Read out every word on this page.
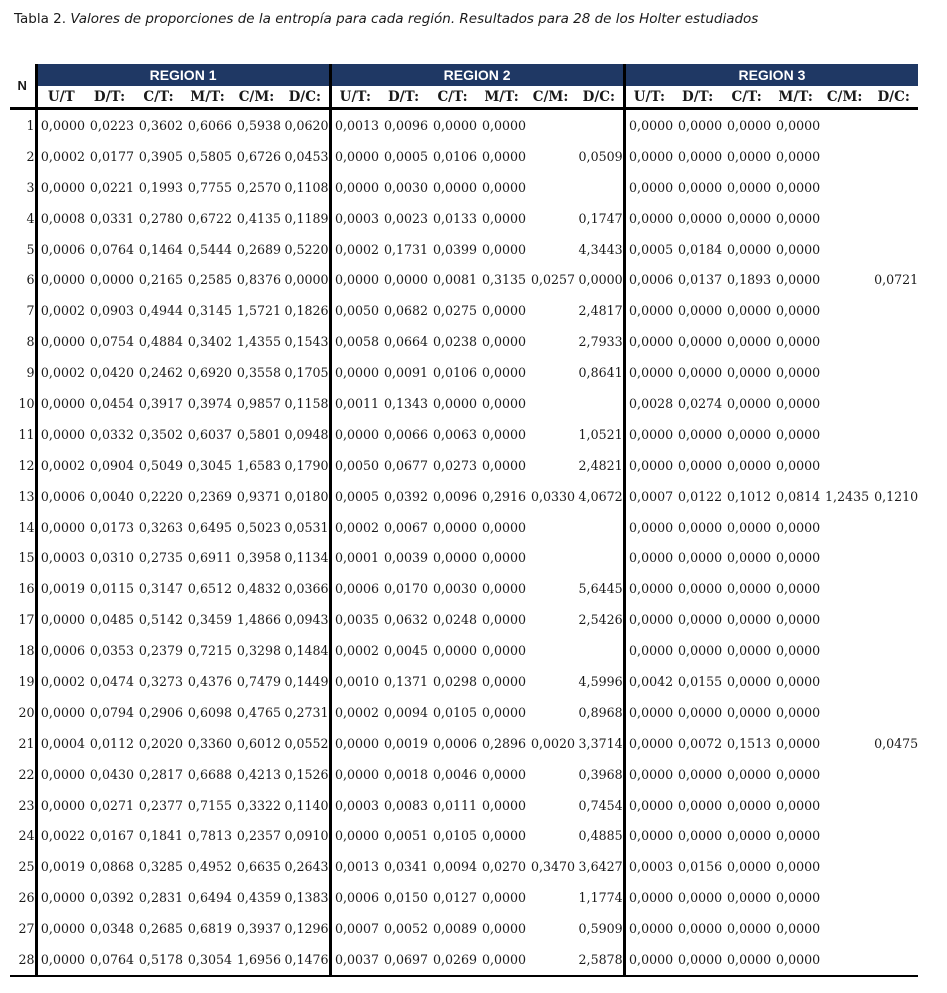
Tabla 2. Valores de proporciones de la entropía para cada región. Resultados para 28 de los Holter estudiados
N	REGION 1						REGION 2						REGION 3					
	U/T	D/T:	C/T:	M/T:	C/M:	D/C:	U/T:	D/T:	C/T:	M/T:	C/M:	D/C:	U/T:	D/T:	C/T:	M/T:	C/M:	D/C:
1	0,0000	0,0223	0,3602	0,6066	0,5938	0,0620	0,0013	0,0096	0,0000	0,0000			0,0000	0,0000	0,0000	0,0000		
2	0,0002	0,0177	0,3905	0,5805	0,6726	0,0453	0,0000	0,0005	0,0106	0,0000		0,0509	0,0000	0,0000	0,0000	0,0000		
3	0,0000	0,0221	0,1993	0,7755	0,2570	0,1108	0,0000	0,0030	0,0000	0,0000			0,0000	0,0000	0,0000	0,0000		
4	0,0008	0,0331	0,2780	0,6722	0,4135	0,1189	0,0003	0,0023	0,0133	0,0000		0,1747	0,0000	0,0000	0,0000	0,0000		
5	0,0006	0,0764	0,1464	0,5444	0,2689	0,5220	0,0002	0,1731	0,0399	0,0000		4,3443	0,0005	0,0184	0,0000	0,0000		
6	0,0000	0,0000	0,2165	0,2585	0,8376	0,0000	0,0000	0,0000	0,0081	0,3135	0,0257	0,0000	0,0006	0,0137	0,1893	0,0000		0,0721
7	0,0002	0,0903	0,4944	0,3145	1,5721	0,1826	0,0050	0,0682	0,0275	0,0000		2,4817	0,0000	0,0000	0,0000	0,0000		
8	0,0000	0,0754	0,4884	0,3402	1,4355	0,1543	0,0058	0,0664	0,0238	0,0000		2,7933	0,0000	0,0000	0,0000	0,0000		
9	0,0002	0,0420	0,2462	0,6920	0,3558	0,1705	0,0000	0,0091	0,0106	0,0000		0,8641	0,0000	0,0000	0,0000	0,0000		
10	0,0000	0,0454	0,3917	0,3974	0,9857	0,1158	0,0011	0,1343	0,0000	0,0000			0,0028	0,0274	0,0000	0,0000		
11	0,0000	0,0332	0,3502	0,6037	0,5801	0,0948	0,0000	0,0066	0,0063	0,0000		1,0521	0,0000	0,0000	0,0000	0,0000		
12	0,0002	0,0904	0,5049	0,3045	1,6583	0,1790	0,0050	0,0677	0,0273	0,0000		2,4821	0,0000	0,0000	0,0000	0,0000		
13	0,0006	0,0040	0,2220	0,2369	0,9371	0,0180	0,0005	0,0392	0,0096	0,2916	0,0330	4,0672	0,0007	0,0122	0,1012	0,0814	1,2435	0,1210
14	0,0000	0,0173	0,3263	0,6495	0,5023	0,0531	0,0002	0,0067	0,0000	0,0000			0,0000	0,0000	0,0000	0,0000		
15	0,0003	0,0310	0,2735	0,6911	0,3958	0,1134	0,0001	0,0039	0,0000	0,0000			0,0000	0,0000	0,0000	0,0000		
16	0,0019	0,0115	0,3147	0,6512	0,4832	0,0366	0,0006	0,0170	0,0030	0,0000		5,6445	0,0000	0,0000	0,0000	0,0000		
17	0,0000	0,0485	0,5142	0,3459	1,4866	0,0943	0,0035	0,0632	0,0248	0,0000		2,5426	0,0000	0,0000	0,0000	0,0000		
18	0,0006	0,0353	0,2379	0,7215	0,3298	0,1484	0,0002	0,0045	0,0000	0,0000			0,0000	0,0000	0,0000	0,0000		
19	0,0002	0,0474	0,3273	0,4376	0,7479	0,1449	0,0010	0,1371	0,0298	0,0000		4,5996	0,0042	0,0155	0,0000	0,0000		
20	0,0000	0,0794	0,2906	0,6098	0,4765	0,2731	0,0002	0,0094	0,0105	0,0000		0,8968	0,0000	0,0000	0,0000	0,0000		
21	0,0004	0,0112	0,2020	0,3360	0,6012	0,0552	0,0000	0,0019	0,0006	0,2896	0,0020	3,3714	0,0000	0,0072	0,1513	0,0000		0,0475
22	0,0000	0,0430	0,2817	0,6688	0,4213	0,1526	0,0000	0,0018	0,0046	0,0000		0,3968	0,0000	0,0000	0,0000	0,0000		
23	0,0000	0,0271	0,2377	0,7155	0,3322	0,1140	0,0003	0,0083	0,0111	0,0000		0,7454	0,0000	0,0000	0,0000	0,0000		
24	0,0022	0,0167	0,1841	0,7813	0,2357	0,0910	0,0000	0,0051	0,0105	0,0000		0,4885	0,0000	0,0000	0,0000	0,0000		
25	0,0019	0,0868	0,3285	0,4952	0,6635	0,2643	0,0013	0,0341	0,0094	0,0270	0,3470	3,6427	0,0003	0,0156	0,0000	0,0000		
26	0,0000	0,0392	0,2831	0,6494	0,4359	0,1383	0,0006	0,0150	0,0127	0,0000		1,1774	0,0000	0,0000	0,0000	0,0000		
27	0,0000	0,0348	0,2685	0,6819	0,3937	0,1296	0,0007	0,0052	0,0089	0,0000		0,5909	0,0000	0,0000	0,0000	0,0000		
28	0,0000	0,0764	0,5178	0,3054	1,6956	0,1476	0,0037	0,0697	0,0269	0,0000		2,5878	0,0000	0,0000	0,0000	0,0000		
